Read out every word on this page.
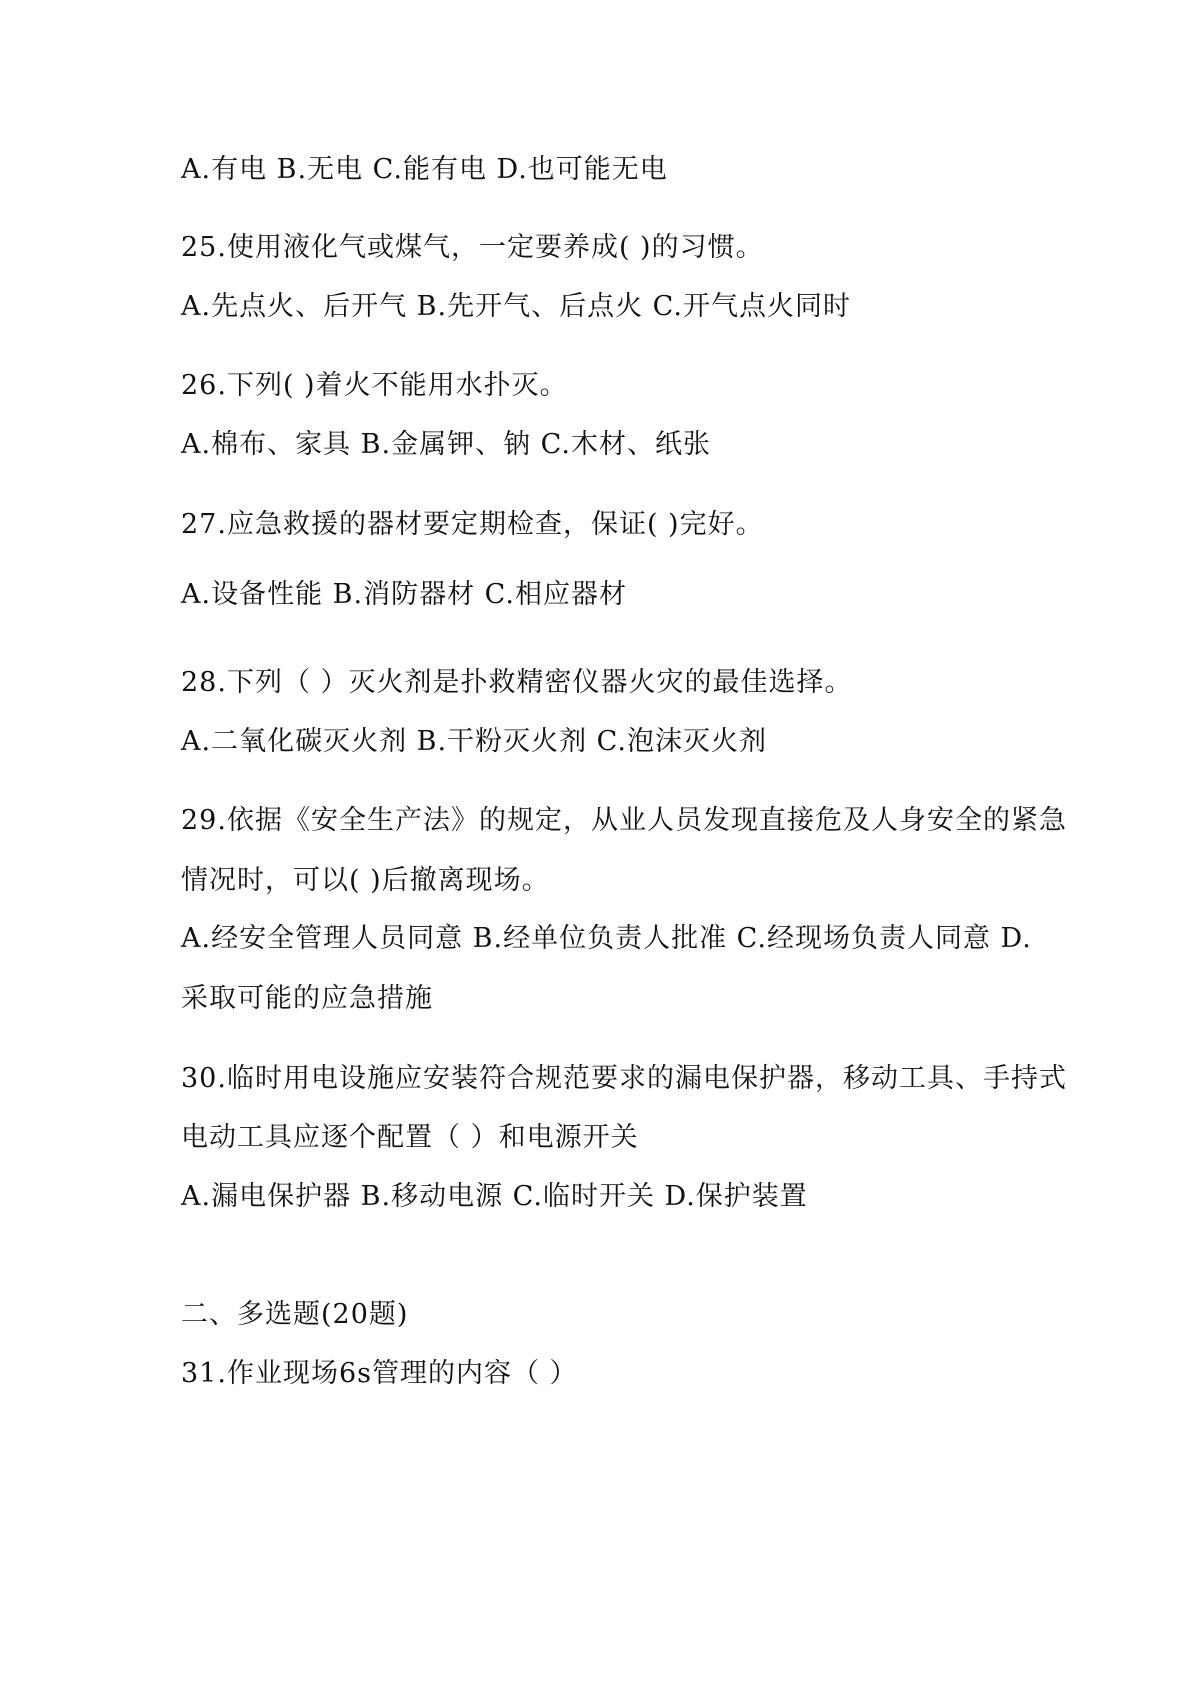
A.有电 B.无电 C.能有电 D.也可能无电
25.使用液化气或煤气，一定要养成( )的习惯。
A.先点火、后开气 B.先开气、后点火 C.开气点火同时
26.下列( )着火不能用水扑灭。
A.棉布、家具 B.金属钾、钠 C.木材、纸张
27.应急救援的器材要定期检查，保证( )完好。
A.设备性能 B.消防器材 C.相应器材
28.下列（ ）灭火剂是扑救精密仪器火灾的最佳选择。
A.二氧化碳灭火剂 B.干粉灭火剂 C.泡沫灭火剂
29.依据《安全生产法》的规定，从业人员发现直接危及人身安全的紧急
情况时，可以( )后撤离现场。
A.经安全管理人员同意 B.经单位负责人批准 C.经现场负责人同意 D.
采取可能的应急措施
30.临时用电设施应安装符合规范要求的漏电保护器，移动工具、手持式
电动工具应逐个配置（ ）和电源开关
A.漏电保护器 B.移动电源 C.临时开关 D.保护装置
二、多选题(20题)
31.作业现场6s管理的内容（ ）
